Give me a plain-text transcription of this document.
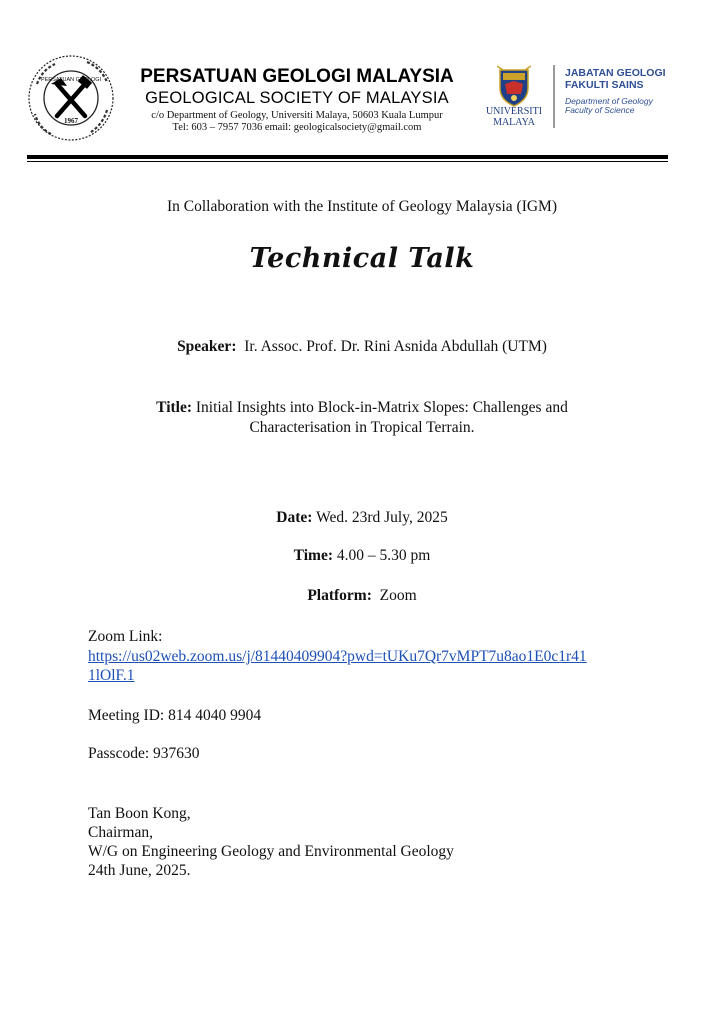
PERSATUAN GEOLOGI
1967
PERSATUAN GEOLOGI MALAYSIA
GEOLOGICAL SOCIETY OF MALAYSIA
c/o Department of Geology, Universiti Malaya, 50603 Kuala Lumpur
Tel: 603 – 7957 7036 email: geologicalsociety@gmail.com
UNIVERSITI
MALAYA
JABATAN GEOLOGI
FAKULTI SAINS
Department of Geology
Faculty of Science
In Collaboration with the Institute of Geology Malaysia (IGM)
Technical Talk
Speaker: Ir. Assoc. Prof. Dr. Rini Asnida Abdullah (UTM)
Title: Initial Insights into Block-in-Matrix Slopes: Challenges and
Characterisation in Tropical Terrain.
Date: Wed. 23rd July, 2025
Time: 4.00 – 5.30 pm
Platform: Zoom
Zoom Link:
https://us02web.zoom.us/j/81440409904?pwd=tUKu7Qr7vMPT7u8ao1E0c1r41
1lOlF.1
Meeting ID: 814 4040 9904
Passcode: 937630
Tan Boon Kong,
Chairman,
W/G on Engineering Geology and Environmental Geology
24th June, 2025.
